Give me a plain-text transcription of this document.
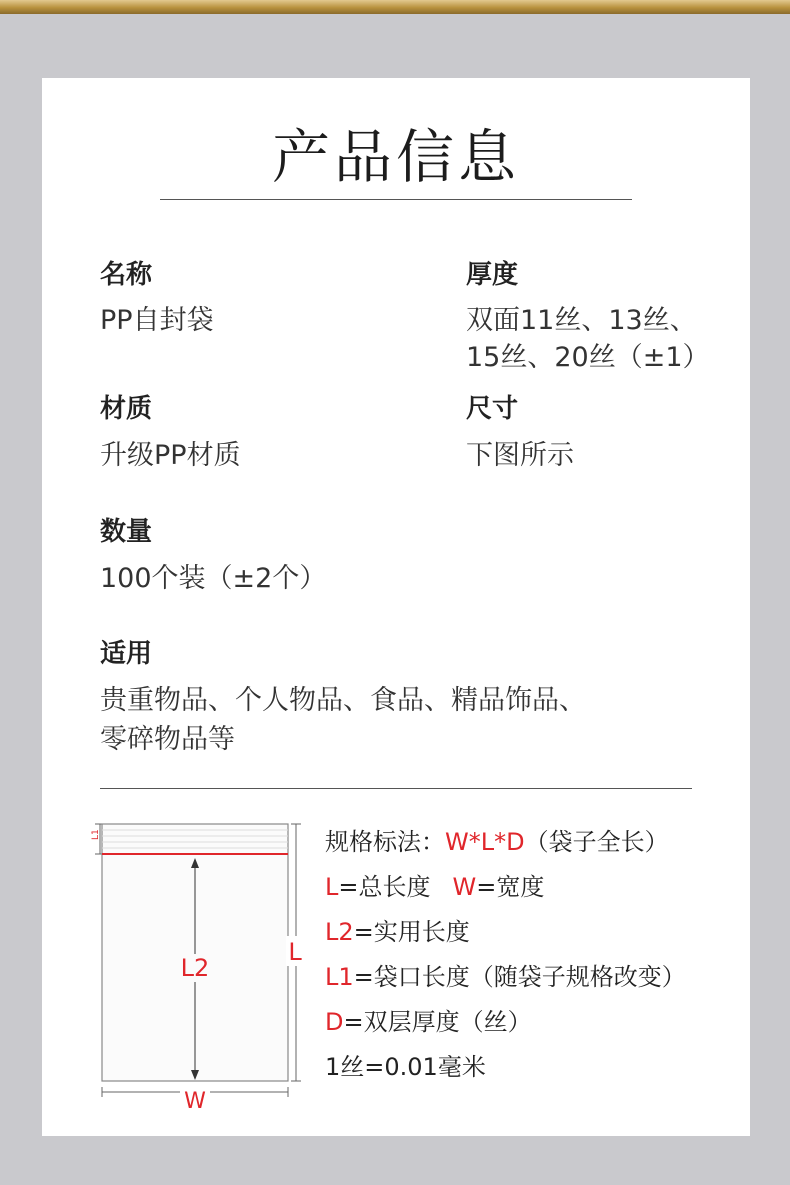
产品信息
名称
PP自封袋
厚度
双面11丝、13丝、
15丝、20丝（±1）
材质
升级PP材质
尺寸
下图所示
数量
100个装（±2个）
适用
贵重物品、个人物品、食品、精品饰品、
零碎物品等
L1
L2
L
W
规格标法：W*L*D（袋子全长）
L=总长度 W=宽度
L2=实用长度
L1=袋口长度（随袋子规格改变）
D=双层厚度（丝）
1丝=0.01毫米
